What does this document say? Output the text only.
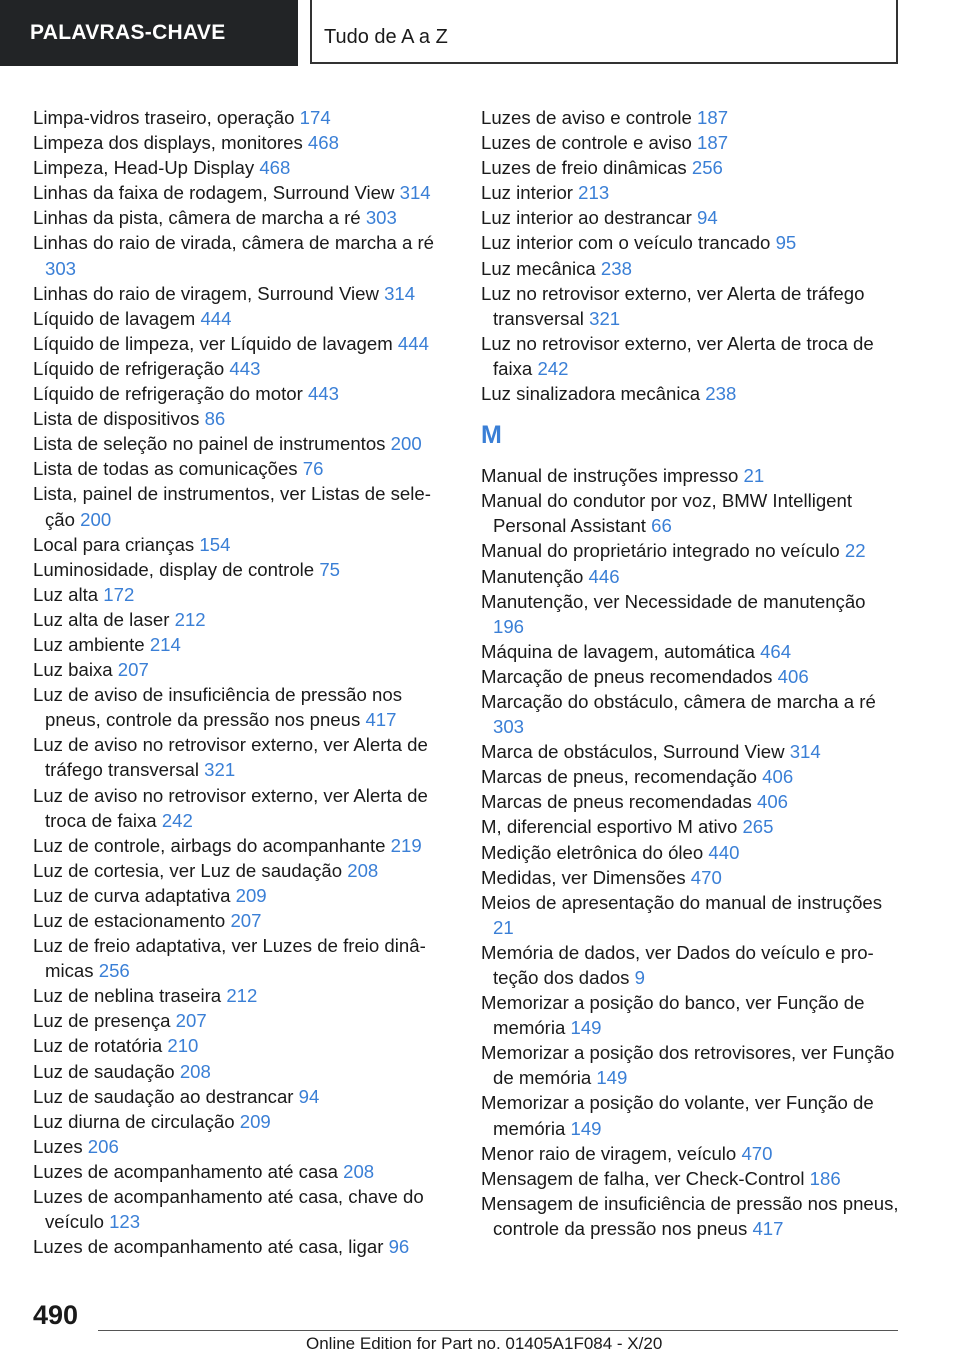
PALAVRAS-CHAVE	Tudo de A a Z
Limpa-vidros traseiro, operação 174
Limpeza dos displays, monitores 468
Limpeza, Head-Up Display 468
Linhas da faixa de rodagem, Surround View 314
Linhas da pista, câmera de marcha a ré 303
Linhas do raio de virada, câmera de marcha a ré 303
Linhas do raio de viragem, Surround View 314
Líquido de lavagem 444
Líquido de limpeza, ver Líquido de lavagem 444
Líquido de refrigeração 443
Líquido de refrigeração do motor 443
Lista de dispositivos 86
Lista de seleção no painel de instrumentos 200
Lista de todas as comunicações 76
Lista, painel de instrumentos, ver Listas de seleção 200
Local para crianças 154
Luminosidade, display de controle 75
Luz alta 172
Luz alta de laser 212
Luz ambiente 214
Luz baixa 207
Luz de aviso de insuficiência de pressão nos pneus, controle da pressão nos pneus 417
Luz de aviso no retrovisor externo, ver Alerta de tráfego transversal 321
Luz de aviso no retrovisor externo, ver Alerta de troca de faixa 242
Luz de controle, airbags do acompanhante 219
Luz de cortesia, ver Luz de saudação 208
Luz de curva adaptativa 209
Luz de estacionamento 207
Luz de freio adaptativa, ver Luzes de freio dinâmicas 256
Luz de neblina traseira 212
Luz de presença 207
Luz de rotatória 210
Luz de saudação 208
Luz de saudação ao destrancar 94
Luz diurna de circulação 209
Luzes 206
Luzes de acompanhamento até casa 208
Luzes de acompanhamento até casa, chave do veículo 123
Luzes de acompanhamento até casa, ligar 96
Luzes de aviso e controle 187
Luzes de controle e aviso 187
Luzes de freio dinâmicas 256
Luz interior 213
Luz interior ao destrancar 94
Luz interior com o veículo trancado 95
Luz mecânica 238
Luz no retrovisor externo, ver Alerta de tráfego transversal 321
Luz no retrovisor externo, ver Alerta de troca de faixa 242
Luz sinalizadora mecânica 238
M
Manual de instruções impresso 21
Manual do condutor por voz, BMW Intelligent Personal Assistant 66
Manual do proprietário integrado no veículo 22
Manutenção 446
Manutenção, ver Necessidade de manutenção 196
Máquina de lavagem, automática 464
Marcação de pneus recomendados 406
Marcação do obstáculo, câmera de marcha a ré 303
Marca de obstáculos, Surround View 314
Marcas de pneus, recomendação 406
Marcas de pneus recomendadas 406
M, diferencial esportivo M ativo 265
Medição eletrônica do óleo 440
Medidas, ver Dimensões 470
Meios de apresentação do manual de instruções 21
Memória de dados, ver Dados do veículo e proteção dos dados 9
Memorizar a posição do banco, ver Função de memória 149
Memorizar a posição dos retrovisores, ver Função de memória 149
Memorizar a posição do volante, ver Função de memória 149
Menor raio de viragem, veículo 470
Mensagem de falha, ver Check-Control 186
Mensagem de insuficiência de pressão nos pneus, controle da pressão nos pneus 417
490
Online Edition for Part no. 01405A1F084 - X/20
